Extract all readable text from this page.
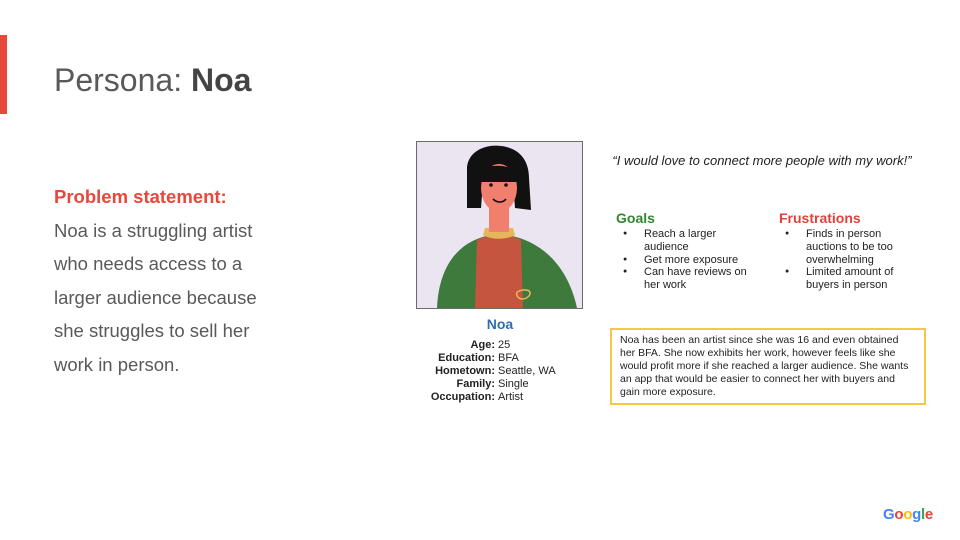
Persona: Noa
Problem statement:
Noa is a struggling artist who needs access to a larger audience because she struggles to sell her work in person.
Noa
Age: 25
Education: BFA
Hometown: Seattle, WA
Family: Single
Occupation: Artist
“I would love to connect more people with my work!”
Goals
● Reach a larger audience
● Get more exposure
● Can have reviews on her work
Frustrations
● Finds in person auctions to be too overwhelming
● Limited amount of buyers in person
Noa has been an artist since she was 16 and even obtained her BFA. She now exhibits her work, however feels like she would profit more if she reached a larger audience. She wants an app that would be easier to connect her with buyers and gain more exposure.
Google
